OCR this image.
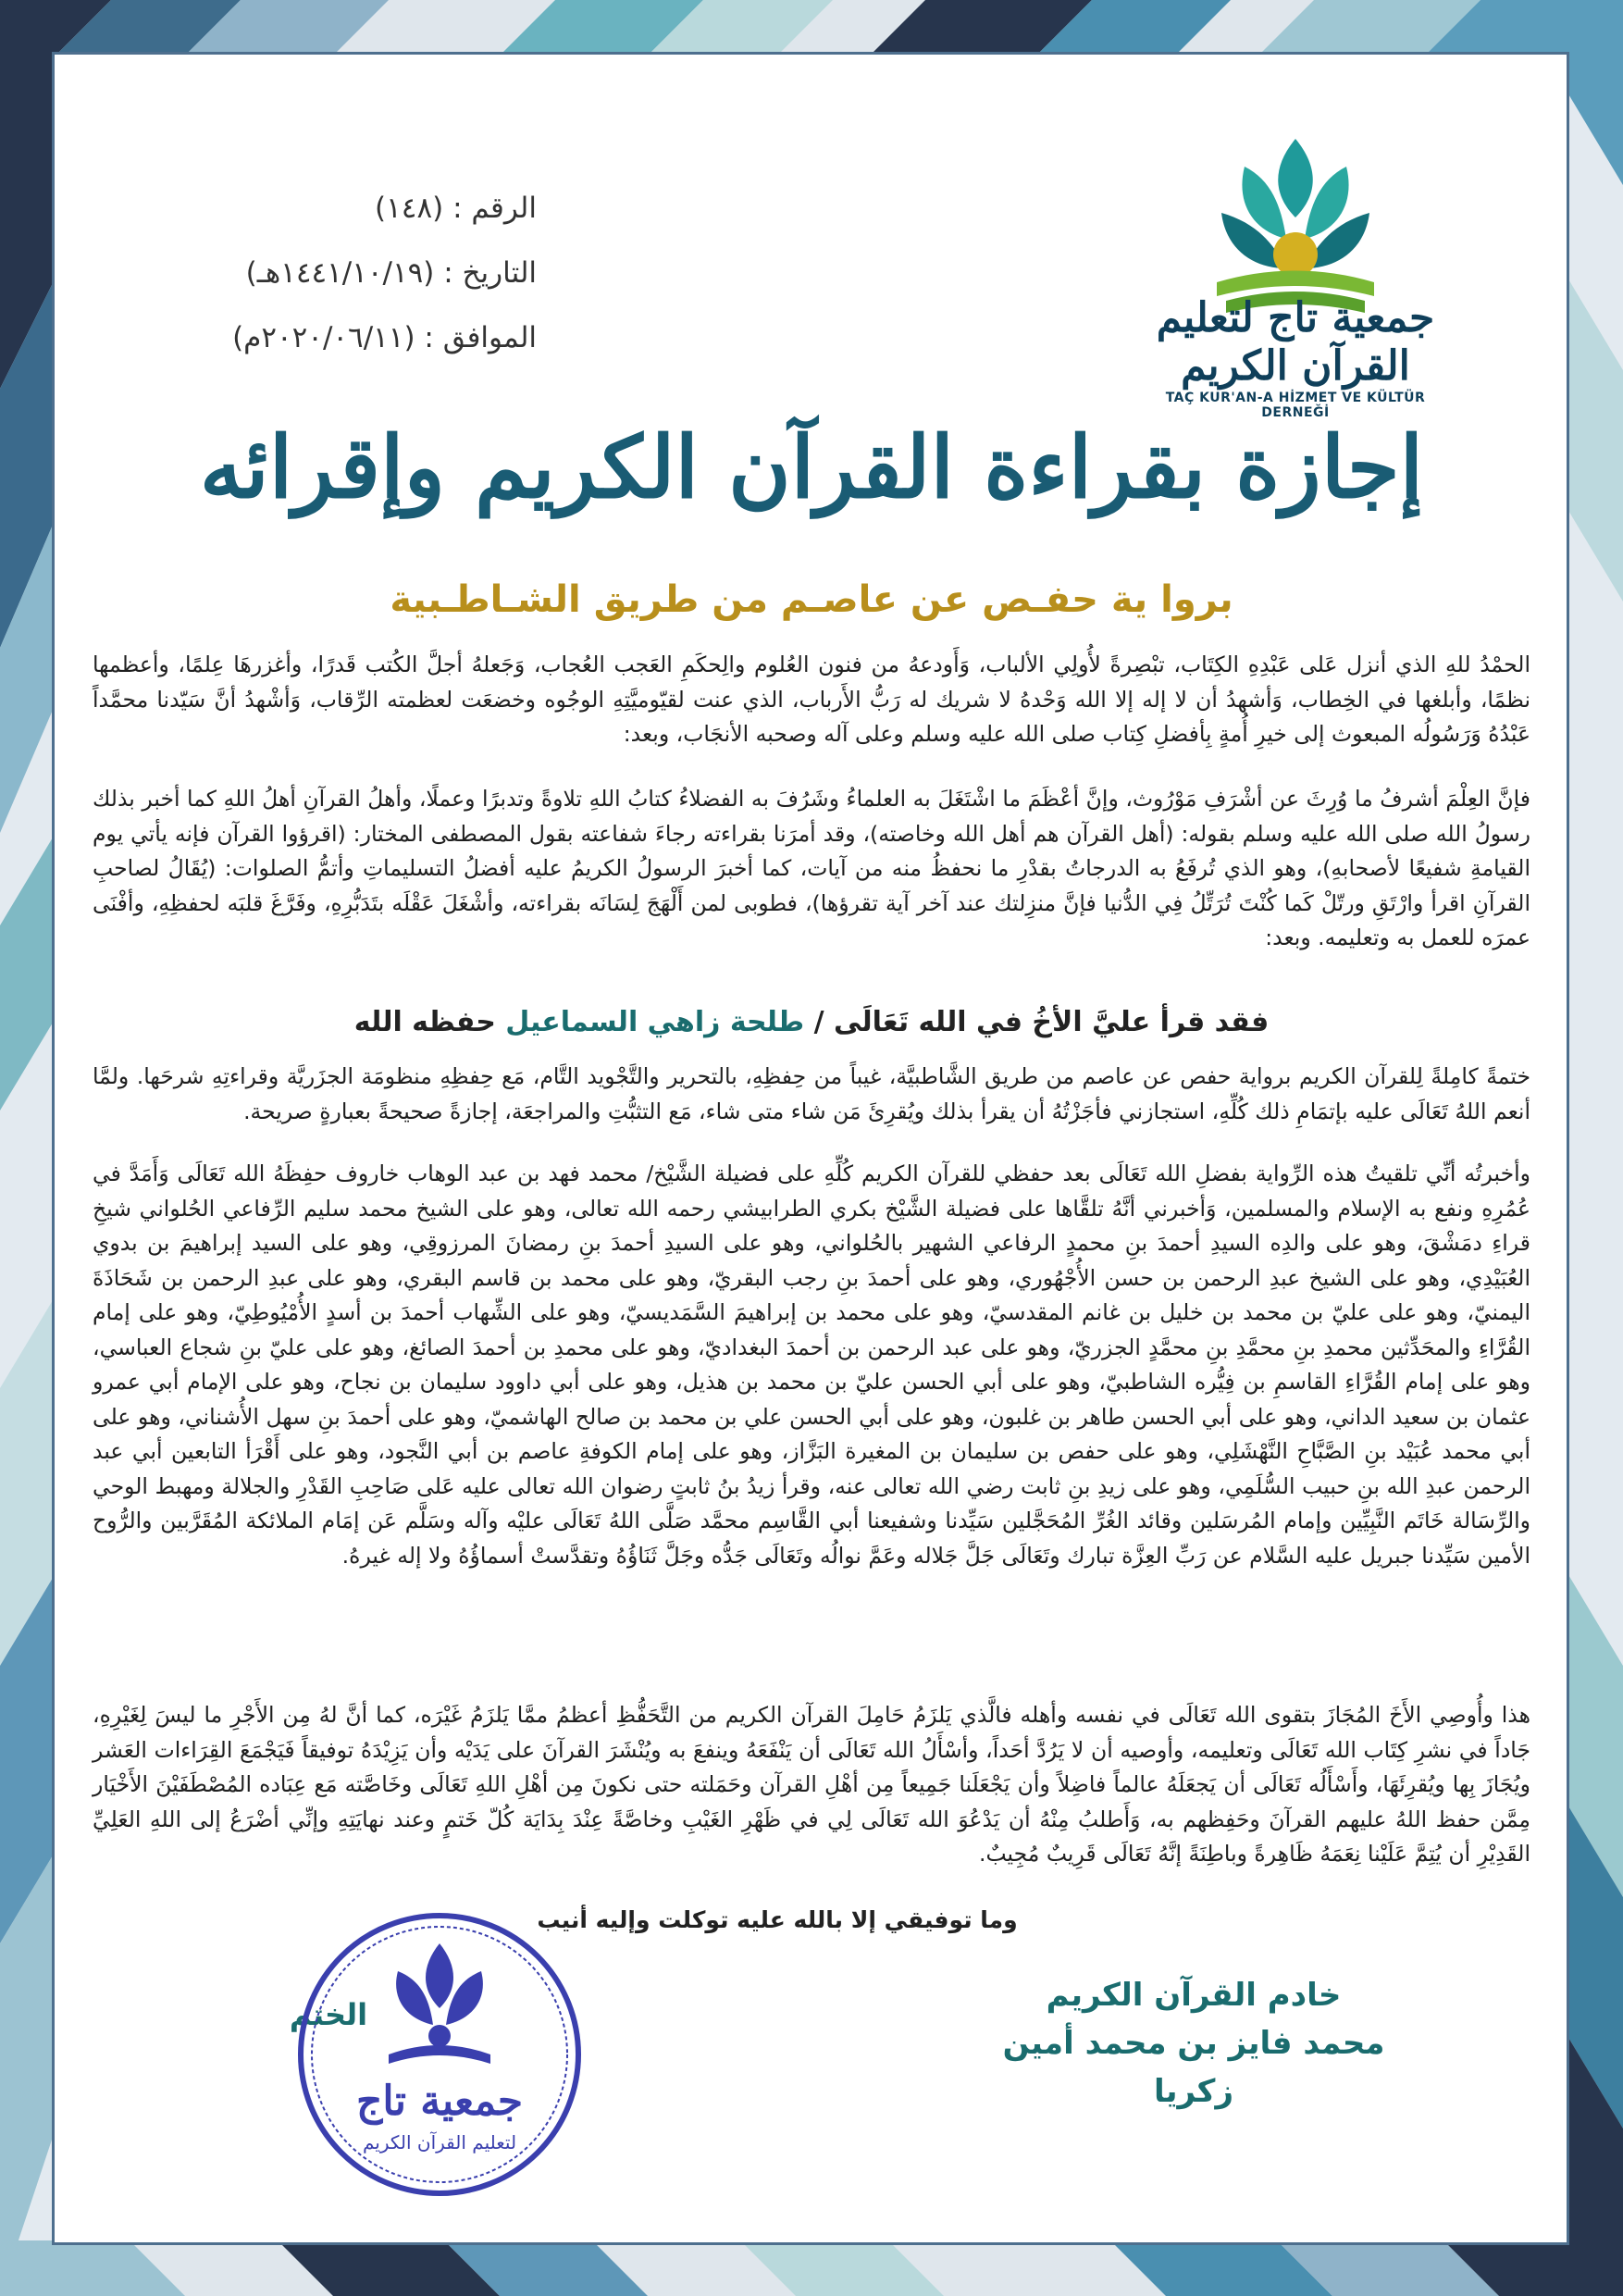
الرقم : (١٤٨)
التاريخ : (١٤٤١/١٠/١٩هـ)
الموافق : (٢٠٢٠/٠٦/١١م)	جمعية تاج لتعليم القرآن الكريم
TAÇ KUR'AN-A HİZMET VE KÜLTÜR DERNEĞİ
إجازة بقراءة القرآن الكريم وإقرائه
بروا ية حفـص عن عاصـم من طريق الشـاطـبية
الحمْدُ للهِ الذي أنزل عَلى عَبْدِهِ الكِتَاب، تبْصِرةً لأُولِي الألباب، وَأَودعهُ من فنون العُلوم والِحكَمِ العَجب العُجاب، وَجَعلهُ أجلَّ الكُتب قَدرًا، وأغزرهَا عِلمًا، وأعظمها نظمًا، وأبلغها في الخِطاب، وَأشهدُ أن لا إله إلا الله وَحْدهُ لا شريك له رَبُّ الأَرباب، الذي عنت لقيّوميَّتِهِ الوجُوه وخضعَت لعظمته الرِّقاب، وَأشْهدُ أنَّ سَيّدنا محمَّداً عَبْدُهُ وَرَسُولُه المبعوث إلى خيرِ أُمةٍ بِأفضلِ كِتاب صلى الله عليه وسلم وعلى آله وصحبه الأنجَاب، وبعد:
فإنَّ العِلْمَ أشرفُ ما وُرِثَ عن أشْرَفِ مَوْرُوث، وإنَّ أعْظَمَ ما اشْتَغَلَ به العلماءُ وشَرُفَ به الفضلاءُ كتابُ اللهِ تلاوةً وتدبرًا وعملًا، وأهلُ القرآنِ أهلُ اللهِ كما أخبر بذلك رسولُ الله صلى الله عليه وسلم بقوله: (أهل القرآن هم أهل الله وخاصته)، وقد أمرَنا بقراءته رجاءَ شفاعته بقول المصطفى المختار: (اقرؤوا القرآن فإنه يأتي يوم القيامةِ شفيعًا لأصحابهِ)، وهو الذي تُرفَعُ به الدرجاتُ بقدْرِ ما نحفظُ منه من آيات، كما أخبرَ الرسولُ الكريمُ عليه أفضلُ التسليماتِ وأتمُّ الصلوات: (يُقَالُ لصاحبِ القرآنِ اقرأ وارْتَقِ ورتّلْ كَما كُنْتَ تُرَتِّلُ فِي الدُّنيا فإنَّ منزِلتك عند آخر آية تقرؤها)، فطوبى لمن أَلْهَجَ لِسَانَه بقراءته، وأشْغَلَ عَقْلَه بتَدَبُّرِهِ، وفَرَّغَ قلبَه لحفظِهِ، وأفْنَى عمرَه للعمل به وتعليمه. وبعد:
فقد قرأ عليَّ الأخُ في الله تَعَالَى / طلحة زاهي السماعيل حفظه الله
ختمةً كامِلةً لِلقرآن الكريم برواية حفص عن عاصم من طريق الشَّاطبيَّة، غيباً من حِفظِهِ، بالتحرير والتَّجْويد التَّام، مَع حِفظِهِ منظومَة الجزَريَّة وقراءتِهِ شرحَها. ولمَّا أنعم اللهُ تَعَالَى عليه بإتمَامِ ذلك كُلِّهِ، استجازني فأجَزْتُهُ أن يقرأ بذلك ويُقرِئَ مَن شاء متى شاء، مَع التثبُّتِ والمراجعَة، إجازةً صحيحةً بعبارةٍ صريحة.
وأخبرتُه أنِّي تلقيتُ هذه الرِّواية بفضلِ الله تَعَالَى بعد حفظي للقرآن الكريم كُلِّهِ على فضيلة الشَّيْخ/ محمد فهد بن عبد الوهاب خاروف حفِظَهُ الله تَعَالَى وَأَمَدَّ في عُمُرِهِ ونفع به الإسلام والمسلمين، وَأخبرني أنَّهُ تلقَّاها على فضيلة الشَّيْخ بكري الطرابيشي رحمه الله تعالى، وهو على الشيخ محمد سليم الرِّفاعي الحُلواني شيخِ قراءِ دمَشْقَ، وهو على والدِه السيدِ أحمدَ بنِ محمدٍ الرفاعي الشهير بالحُلواني، وهو على السيدِ أحمدَ بنِ رمضانَ المرزوقِي، وهو على السيد إبراهيمَ بن بدوي العُبَيْدِي، وهو على الشيخ عبدِ الرحمن بن حسن الأُجْهُوري، وهو على أحمدَ بنِ رجب البقريّ، وهو على محمد بن قاسم البقري، وهو على عبدِ الرحمن بن شَحَاذَةَ اليمنيّ، وهو على عليّ بن محمد بن خليل بن غانم المقدسيّ، وهو على محمد بن إبراهيمَ السَّمَديسيّ، وهو على الشِّهاب أحمدَ بن أسدٍ الأُمْيُوطِيّ، وهو على إمام القُرَّاءِ والمحَدِّثين محمدِ بنِ محمَّدِ بنِ محمَّدٍ الجزريّ، وهو على عبد الرحمن بن أحمدَ البغداديّ، وهو على محمدِ بن أحمدَ الصائغ، وهو على عليّ بنِ شجاع العباسي، وهو على إمام القُرَّاءِ القاسمِ بن فِيُّره الشاطبيّ، وهو على أبي الحسن عليّ بن محمد بن هذيل، وهو على أبي داوود سليمان بن نجاح، وهو على الإمام أبي عمرو عثمان بن سعيد الداني، وهو على أبي الحسن طاهر بن غلبون، وهو على أبي الحسن علي بن محمد بن صالح الهاشميّ، وهو على أحمدَ بنِ سهل الأُشناني، وهو على أبي محمد عُبَيْد بنِ الصَّبَّاحِ النَّهْشَلِي، وهو على حفص بن سليمان بن المغيرة البَزَّاز، وهو على إمام الكوفةِ عاصم بن أبي النَّجود، وهو على أَقْرَأ التابعين أبي عبد الرحمن عبدِ الله بنِ حبيب السُّلَمِي، وهو على زيدِ بنِ ثابت رضي الله تعالى عنه، وقرأ زيدُ بنُ ثابتٍ رضوان الله تعالى عليه عَلى صَاحِبِ القَدْرِ والجلالة ومهبط الوحي والرِّسَالة خَاتَم النَّبِيِّين وإمام المُرسَلين وقائد الغُرِّ المُحَجَّلين سَيِّدنا وشفيعنا أبي القَّاسِم محمَّد صَلَّى اللهُ تَعَالَى عليْه وآله وسَلَّم عَن إمَام الملائكة المُقَرَّبين والرُّوح الأمين سَيِّدنا جبريل عليه السَّلام عن رَبِّ العِزَّة تبارك وتَعَالَى جَلَّ جَلاله وعَمَّ نوالُه وتَعَالَى جَدُّه وجَلَّ ثَنَاؤُهُ وتقدَّستْ أسماؤُهُ ولا إله غيرهُ.
هذا وأُوصِي الأَخَ المُجَازَ بتقوى الله تَعَالَى في نفسه وأهله فالَّذي يَلزَمُ حَامِلَ القرآن الكريم من التَّحَفُّظِ أعظمُ ممَّا يَلزَمُ غَيْرَه، كما أنَّ لهُ مِن الأَجْرِ ما ليسَ لِغَيْرِهِ، جَاداً في نشرِ كِتَاب الله تَعَالَى وتعليمه، وأوصيه أن لا يَرُدَّ أحَداً، وأسْأَلُ الله تَعَالَى أن يَنْفَعَهُ وينفعَ به ويُنْشَرَ القرآنَ على يَدَيْه وأن يَزِيْدَهُ توفيقاً فَيَجْمَعَ القِرَاءات العَشر ويُجَازَ بِها ويُقرِئَهَا، وأَسْأَلُه تَعَالَى أن يَجعَلَهُ عالماً فاضِلاً وأن يَجْعَلَنا جَمِيعاً مِن أهْلِ القرآن وحَمَلته حتى نكونَ مِن أهْلِ اللهِ تَعَالَى وخَاصَّته مَع عِبَاده المُصْطَفَيْنَ الأَخْيَار مِمَّن حفظ اللهُ عليهم القرآنَ وحَفِظهم به، وَأَطلبُ مِنْهُ أن يَدْعُوَ الله تَعَالَى لِي في ظَهْرِ الغَيْبِ وخاصَّةً عِنْدَ بِدَايَة كُلّ خَتمٍ وعند نهايَتِهِ وإنِّي أضْرَعُ إلى اللهِ العَلِيِّ القَدِيْرِ أن يُتِمَّ عَلَيْنا نِعَمَهُ ظَاهِرةً وباطِنَةً إنَّهُ تَعَالَى قَرِيبٌ مُجِيبٌ.
وما توفيقي إلا بالله عليه توكلت وإليه أنيب
خادم القرآن الكريم
محمد فايز بن محمد أمين زكريا
الختم
جمعية تاج
لتعليم القرآن الكريم
